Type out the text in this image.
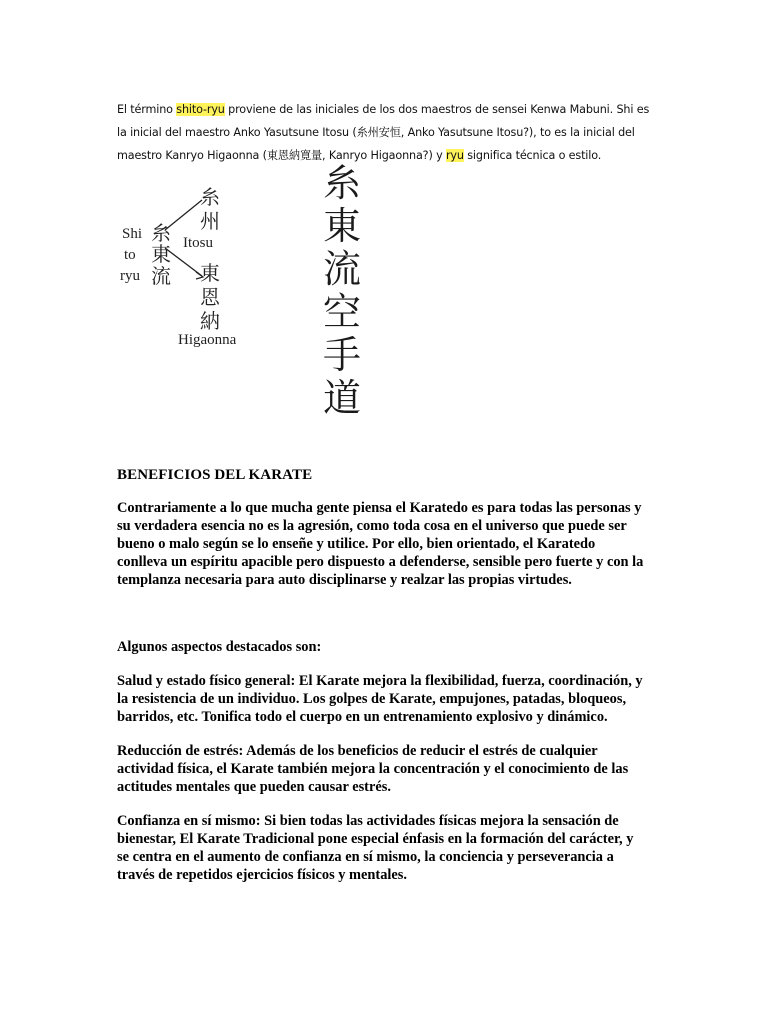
El término shito-ryu proviene de las iniciales de los dos maestros de sensei Kenwa Mabuni. Shi es
la inicial del maestro Anko Yasutsune Itosu (糸州安恒, Anko Yasutsune Itosu?), to es la inicial del
maestro Kanryo Higaonna (東恩納寛量, Kanryo Higaonna?) y ryu significa técnica o estilo.
Shi
to
ryu
糸
東
流
糸
州
Itosu
東
恩
納
Higaonna
糸
東
流
空
手
道
BENEFICIOS DEL KARATE

Contrariamente a lo que mucha gente piensa el Karatedo es para todas las personas y
su verdadera esencia no es la agresión, como toda cosa en el universo que puede ser
bueno o malo según se lo enseñe y utilice. Por ello, bien orientado, el Karatedo
conlleva un espíritu apacible pero dispuesto a defenderse, sensible pero fuerte y con la
templanza necesaria para auto disciplinarse y realzar las propias virtudes.

Algunos aspectos destacados son:

Salud y estado físico general: El Karate mejora la flexibilidad, fuerza, coordinación, y
la resistencia de un individuo. Los golpes de Karate, empujones, patadas, bloqueos,
barridos, etc. Tonifica todo el cuerpo en un entrenamiento explosivo y dinámico.

Reducción de estrés: Además de los beneficios de reducir el estrés de cualquier
actividad física, el Karate también mejora la concentración y el conocimiento de las
actitudes mentales que pueden causar estrés.

Confianza en sí mismo: Si bien todas las actividades físicas mejora la sensación de
bienestar, El Karate Tradicional pone especial énfasis en la formación del carácter, y
se centra en el aumento de confianza en sí mismo, la conciencia y perseverancia a
través de repetidos ejercicios físicos y mentales.
